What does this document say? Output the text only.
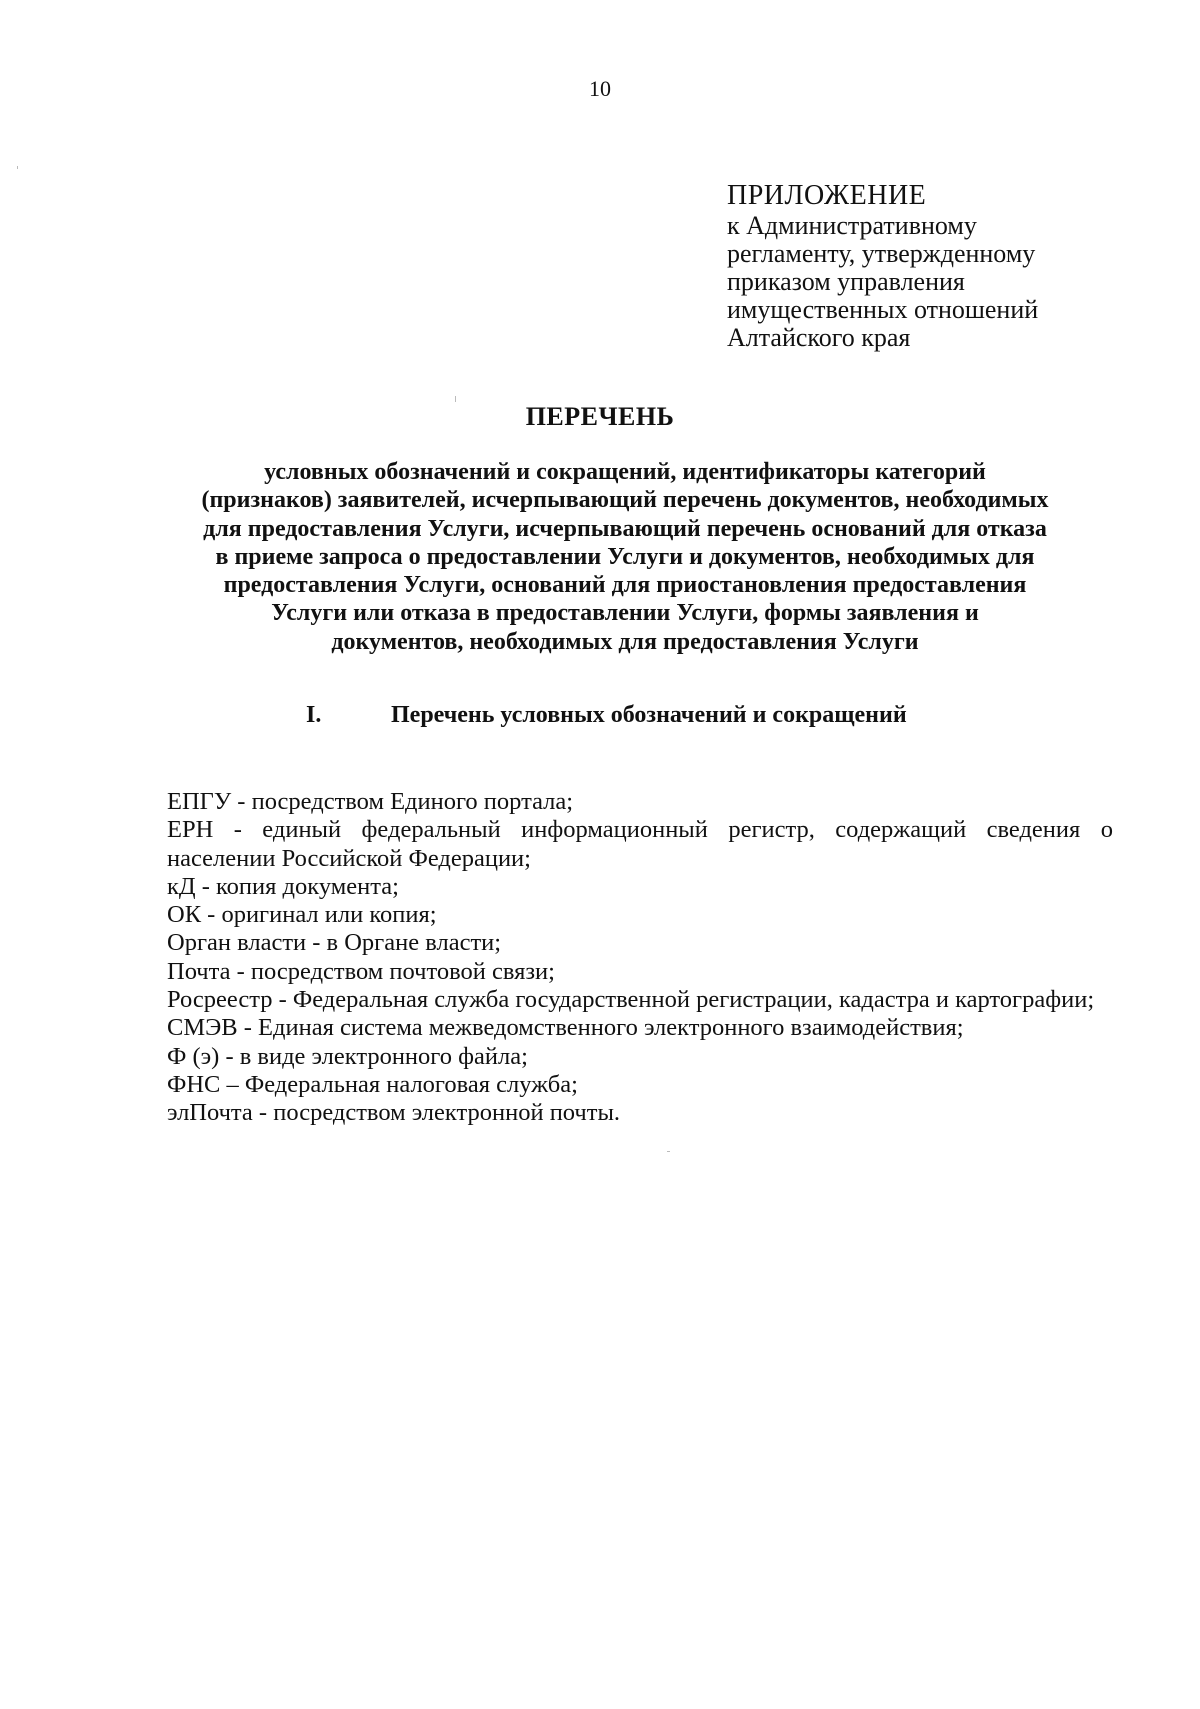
10
ПРИЛОЖЕНИЕ
к Административному
регламенту, утвержденному
приказом управления
имущественных отношений
Алтайского края
ПЕРЕЧЕНЬ
условных обозначений и сокращений, идентификаторы категорий
(признаков) заявителей, исчерпывающий перечень документов, необходимых
для предоставления Услуги, исчерпывающий перечень оснований для отказа
в приеме запроса о предоставлении Услуги и документов, необходимых для
предоставления Услуги, оснований для приостановления предоставления
Услуги или отказа в предоставлении Услуги, формы заявления и
документов, необходимых для предоставления Услуги
I.	Перечень условных обозначений и сокращений
ЕПГУ - посредством Единого портала;
ЕРН - единый федеральный информационный регистр, содержащий сведения о населении Российской Федерации;
кД - копия документа;
ОК - оригинал или копия;
Орган власти - в Органе власти;
Почта - посредством почтовой связи;
Росреестр - Федеральная служба государственной регистрации, кадастра и картографии;
СМЭВ - Единая система межведомственного электронного взаимодействия;
Ф (э) - в виде электронного файла;
ФНС – Федеральная налоговая служба;
элПочта - посредством электронной почты.
